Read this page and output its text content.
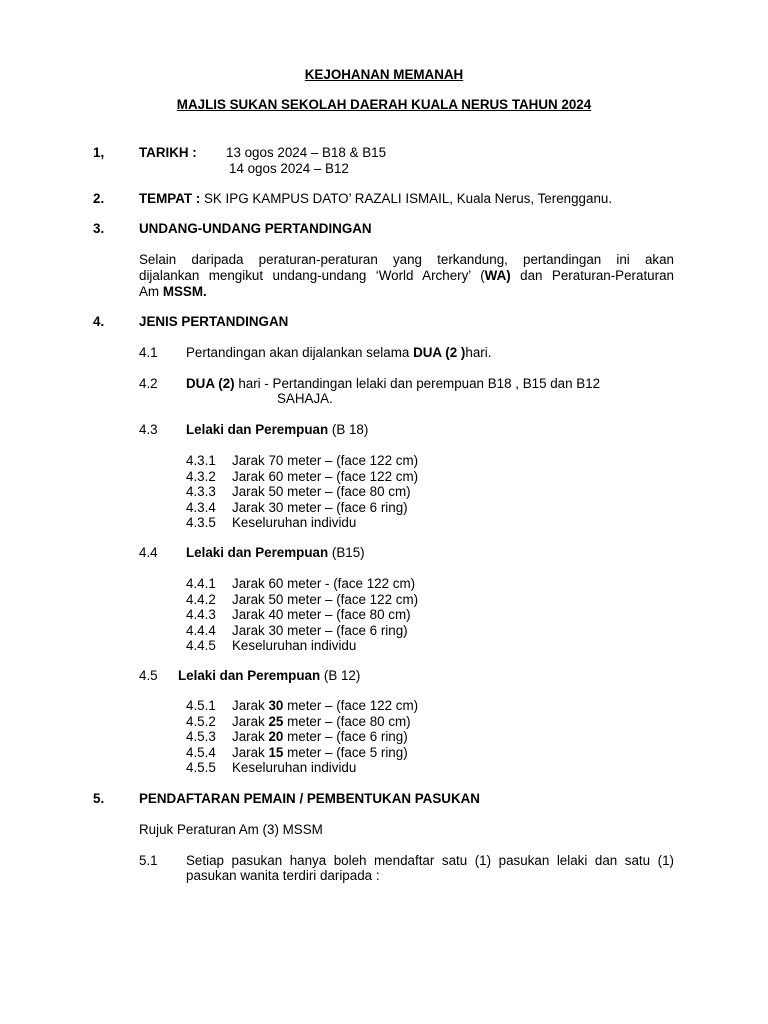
KEJOHANAN MEMANAH
MAJLIS SUKAN SEKOLAH DAERAH KUALA NERUS TAHUN 2024
1,	TARIKH : 13 ogos 2024 – B18 & B15
14 ogos 2024 – B12
2.	TEMPAT : SK IPG KAMPUS DATO’ RAZALI ISMAIL, Kuala Nerus, Terengganu.
3.	UNDANG-UNDANG PERTANDINGAN
Selain daripada peraturan-peraturan yang terkandung, pertandingan ini akan
dijalankan mengikut undang-undang ‘World Archery’ (WA) dan Peraturan-Peraturan
Am MSSM.
4.	JENIS PERTANDINGAN
4.1 Pertandingan akan dijalankan selama DUA (2 )hari.
4.2 DUA (2) hari - Pertandingan lelaki dan perempuan B18 , B15 dan B12
SAHAJA.
4.3 Lelaki dan Perempuan (B 18)
4.3.1 Jarak 70 meter – (face 122 cm)
4.3.2 Jarak 60 meter – (face 122 cm)
4.3.3 Jarak 50 meter – (face 80 cm)
4.3.4 Jarak 30 meter – (face 6 ring)
4.3.5 Keseluruhan individu
4.4 Lelaki dan Perempuan (B15)
4.4.1 Jarak 60 meter - (face 122 cm)
4.4.2 Jarak 50 meter – (face 122 cm)
4.4.3 Jarak 40 meter – (face 80 cm)
4.4.4 Jarak 30 meter – (face 6 ring)
4.4.5 Keseluruhan individu
4.5 Lelaki dan Perempuan (B 12)
4.5.1 Jarak 30 meter – (face 122 cm)
4.5.2 Jarak 25 meter – (face 80 cm)
4.5.3 Jarak 20 meter – (face 6 ring)
4.5.4 Jarak 15 meter – (face 5 ring)
4.5.5 Keseluruhan individu
5.	PENDAFTARAN PEMAIN / PEMBENTUKAN PASUKAN
Rujuk Peraturan Am (3) MSSM
5.1 Setiap pasukan hanya boleh mendaftar satu (1) pasukan lelaki dan satu (1)
pasukan wanita terdiri daripada :
